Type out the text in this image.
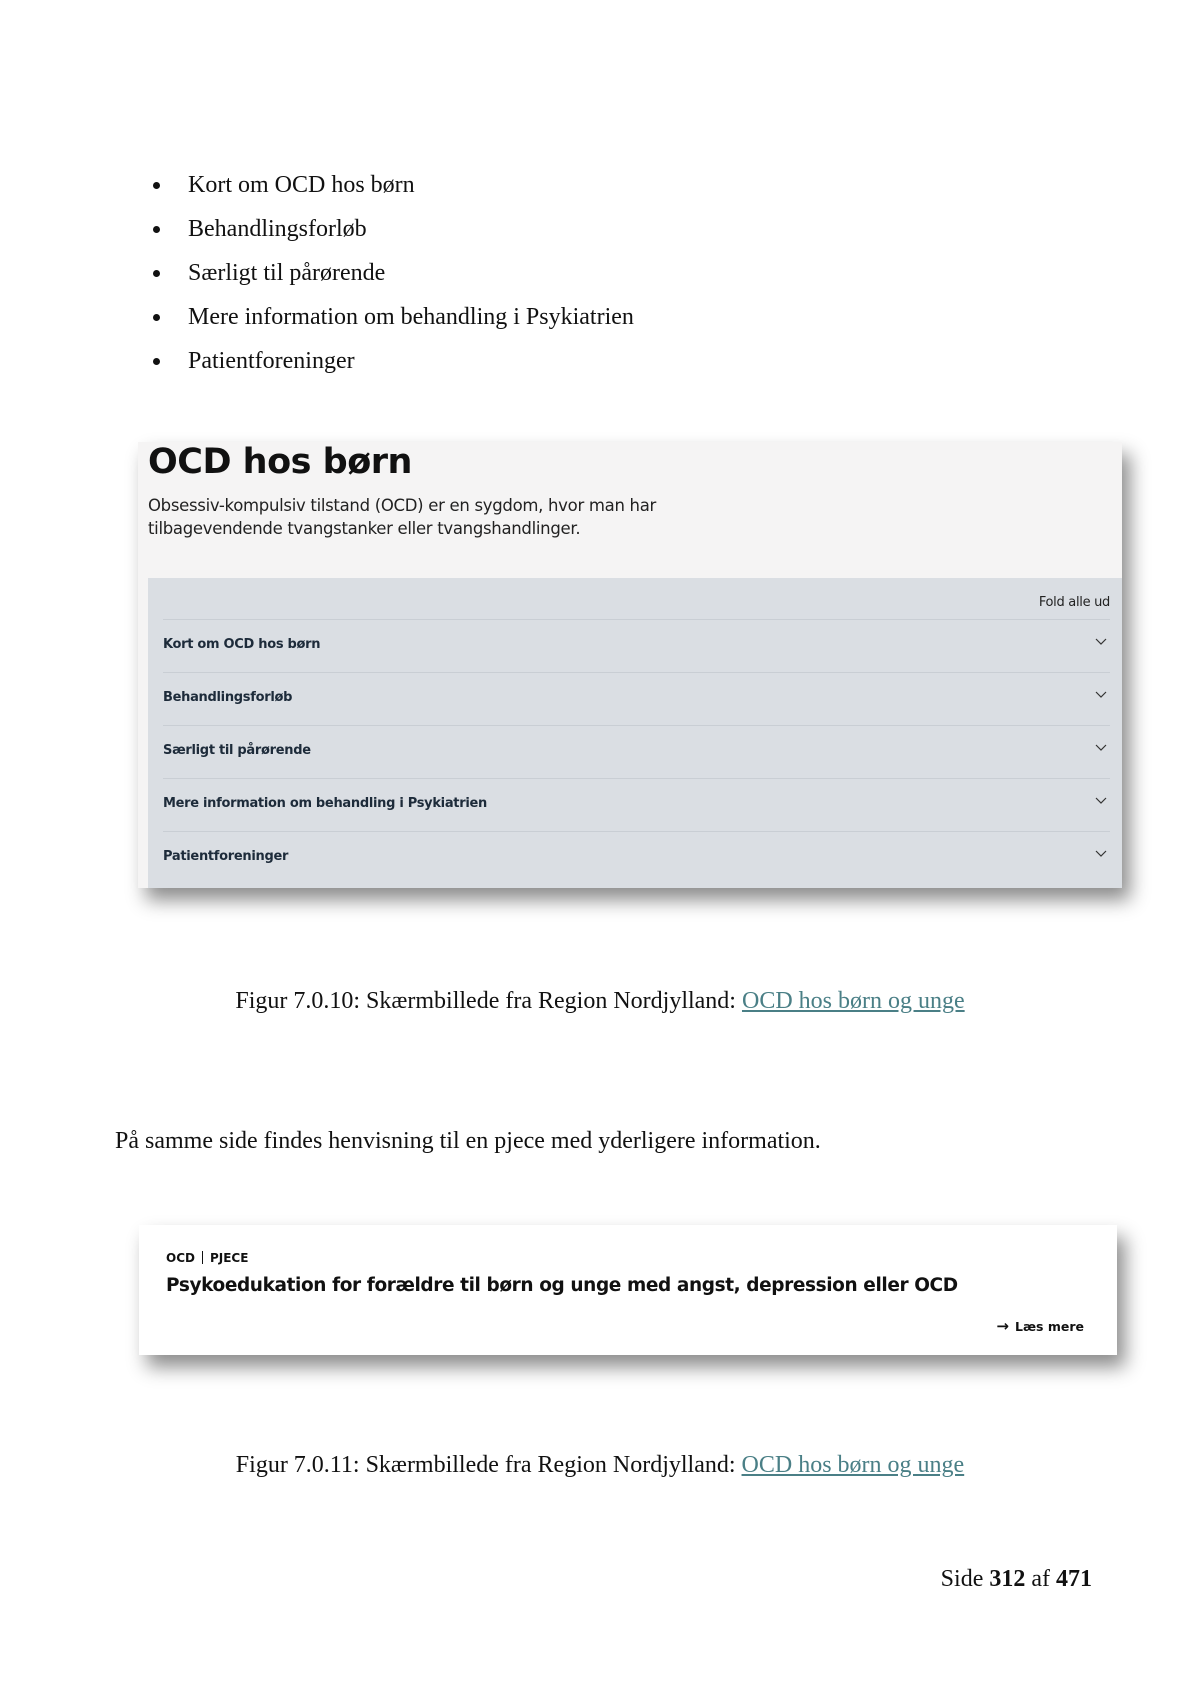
Kort om OCD hos børn
Behandlingsforløb
Særligt til pårørende
Mere information om behandling i Psykiatrien
Patientforeninger
OCD hos børn
Obsessiv-kompulsiv tilstand (OCD) er en sygdom, hvor man har
tilbagevendende tvangstanker eller tvangshandlinger.
Fold alle ud
Kort om OCD hos børn
Behandlingsforløb
Særligt til pårørende
Mere information om behandling i Psykiatrien
Patientforeninger
Figur 7.0.10: Skærmbillede fra Region Nordjylland: OCD hos børn og unge
På samme side findes henvisning til en pjece med yderligere information.
OCD PJECE
Psykoedukation for forældre til børn og unge med angst, depression eller OCD
→ Læs mere
Figur 7.0.11: Skærmbillede fra Region Nordjylland: OCD hos børn og unge
Side 312 af 471
